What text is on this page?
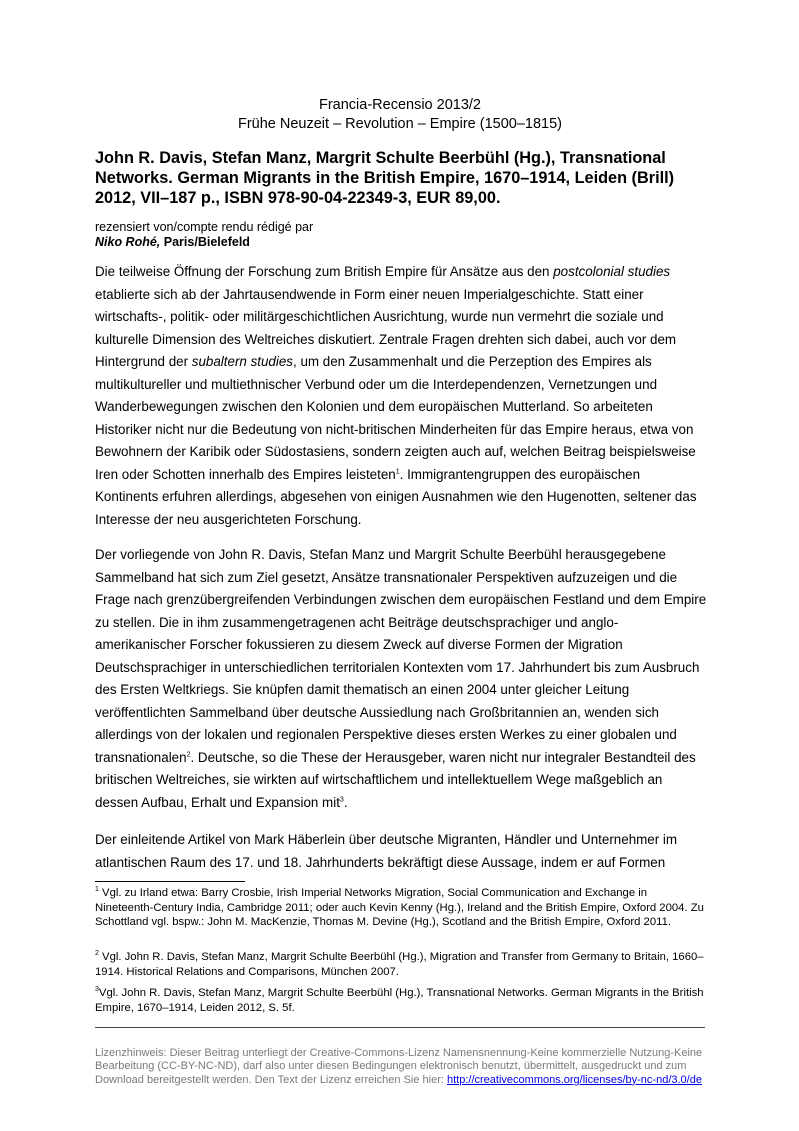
Francia-Recensio 2013/2
Frühe Neuzeit – Revolution – Empire (1500–1815)
John R. Davis, Stefan Manz, Margrit Schulte Beerbühl (Hg.), Transnational
Networks. German Migrants in the British Empire, 1670–1914, Leiden (Brill)
2012, VII–187 p., ISBN 978-90-04-22349-3, EUR 89,00.
rezensiert von/compte rendu rédigé par
Niko Rohé, Paris/Bielefeld

Die teilweise Öffnung der Forschung zum British Empire für Ansätze aus den postcolonial studies etablierte sich ab der Jahrtausendwende in Form einer neuen Imperialgeschichte. Statt einer wirtschafts-, politik- oder militärgeschichtlichen Ausrichtung, wurde nun vermehrt die soziale und kulturelle Dimension des Weltreiches diskutiert. Zentrale Fragen drehten sich dabei, auch vor dem Hintergrund der subaltern studies, um den Zusammenhalt und die Perzeption des Empires als multikultureller und multiethnischer Verbund oder um die Interdependenzen, Vernetzungen und Wanderbewegungen zwischen den Kolonien und dem europäischen Mutterland. So arbeiteten Historiker nicht nur die Bedeutung von nicht-britischen Minderheiten für das Empire heraus, etwa von Bewohnern der Karibik oder Südostasiens, sondern zeigten auch auf, welchen Beitrag beispielsweise Iren oder Schotten innerhalb des Empires leisteten$^1$. Immigrantengruppen des europäischen Kontinents erfuhren allerdings, abgesehen von einigen Ausnahmen wie den Hugenotten, seltener das Interesse der neu ausgerichteten Forschung.

Der vorliegende von John R. Davis, Stefan Manz und Margrit Schulte Beerbühl herausgegebene Sammelband hat sich zum Ziel gesetzt, Ansätze transnationaler Perspektiven aufzuzeigen und die Frage nach grenzübergreifenden Verbindungen zwischen dem europäischen Festland und dem Empire zu stellen. Die in ihm zusammengetragenen acht Beiträge deutschsprachiger und anglo-amerikanischer Forscher fokussieren zu diesem Zweck auf diverse Formen der Migration Deutschsprachiger in unterschiedlichen territorialen Kontexten vom 17. Jahrhundert bis zum Ausbruch des Ersten Weltkriegs. Sie knüpfen damit thematisch an einen 2004 unter gleicher Leitung veröffentlichten Sammelband über deutsche Aussiedlung nach Großbritannien an, wenden sich allerdings von der lokalen und regionalen Perspektive dieses ersten Werkes zu einer globalen und transnationalen$^2$. Deutsche, so die These der Herausgeber, waren nicht nur integraler Bestandteil des britischen Weltreiches, sie wirkten auf wirtschaftlichem und intellektuellem Wege maßgeblich an dessen Aufbau, Erhalt und Expansion mit$^3$.

Der einleitende Artikel von Mark Häberlein über deutsche Migranten, Händler und Unternehmer im atlantischen Raum des 17. und 18. Jahrhunderts bekräftigt diese Aussage, indem er auf Formen

$^1$ Vgl. zu Irland etwa: Barry Crosbie, Irish Imperial Networks Migration, Social Communication and Exchange in Nineteenth-Century India, Cambridge 2011; oder auch Kevin Kenny (Hg.), Ireland and the British Empire, Oxford 2004. Zu Schottland vgl. bspw.: John M. MacKenzie, Thomas M. Devine (Hg.), Scotland and the British Empire, Oxford 2011.

$^2$ Vgl. John R. Davis, Stefan Manz, Margrit Schulte Beerbühl (Hg.), Migration and Transfer from Germany to Britain, 1660–1914. Historical Relations and Comparisons, München 2007.

$^3$Vgl. John R. Davis, Stefan Manz, Margrit Schulte Beerbühl (Hg.), Transnational Networks. German Migrants in the British Empire, 1670–1914, Leiden 2012, S. 5f.

Lizenzhinweis: Dieser Beitrag unterliegt der Creative-Commons-Lizenz Namensnennung-Keine kommerzielle Nutzung-Keine Bearbeitung (CC-BY-NC-ND), darf also unter diesen Bedingungen elektronisch benutzt, übermittelt, ausgedruckt und zum Download bereitgestellt werden. Den Text der Lizenz erreichen Sie hier: http://creativecommons.org/licenses/by-nc-nd/3.0/de
